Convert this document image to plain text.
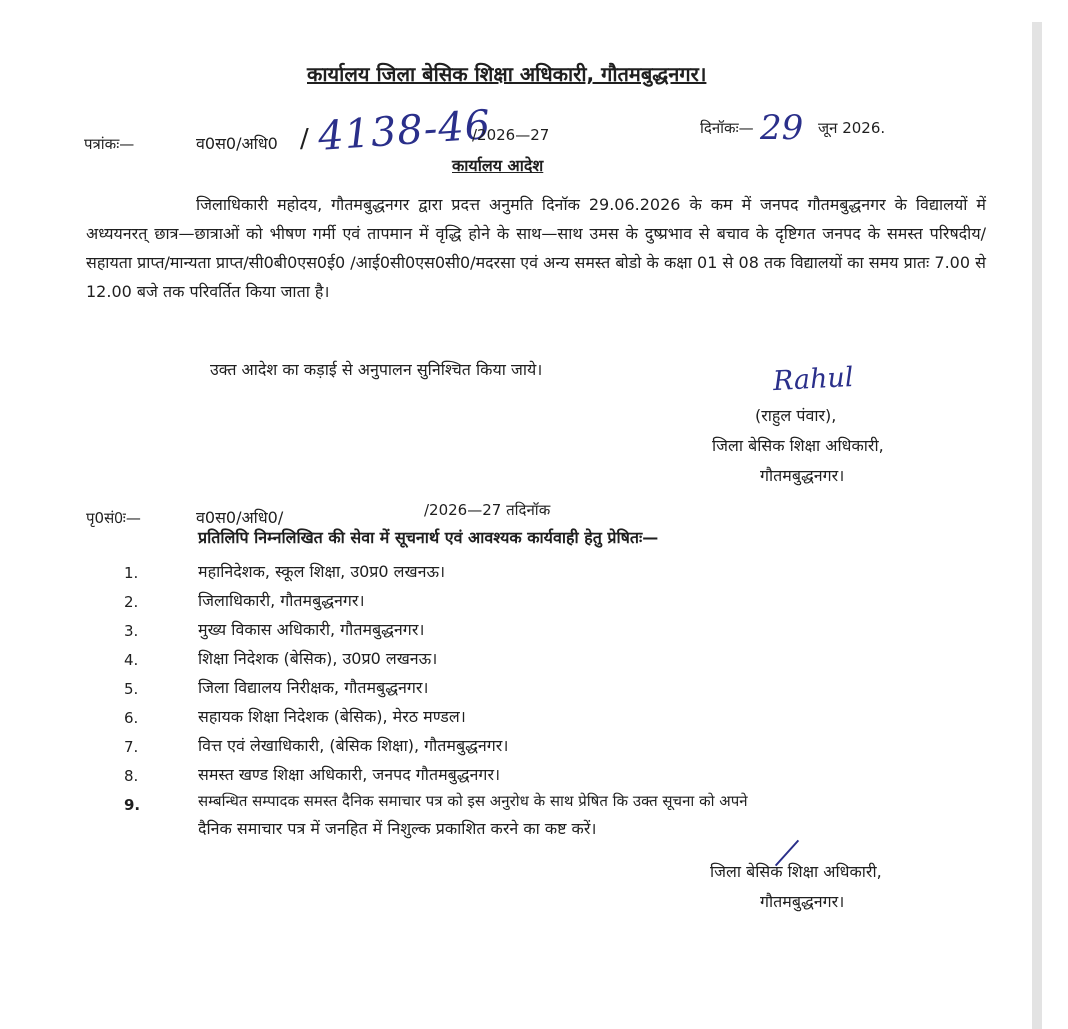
कार्यालय जिला बेसिक शिक्षा अधिकारी, गौतमबुद्धनगर।
पत्रांकः—	व0स0/अधि0 / 4138-46
/2026—27	दिनॉकः— 29 जून 2026.
कार्यालय आदेश

जिलाधिकारी महोदय, गौतमबुद्धनगर द्वारा प्रदत्त अनुमति दिनॉक 29.06.2026 के कम में जनपद गौतमबुद्धनगर के विद्यालयों में अध्ययनरत् छात्र—छात्राओं को भीषण गर्मी एवं तापमान में वृद्धि होने के साथ—साथ उमस के दुष्प्रभाव से बचाव के दृष्टिगत जनपद के समस्त परिषदीय/सहायता प्राप्त/मान्यता प्राप्त/सी0बी0एस0ई0 /आई0सी0एस0सी0/मदरसा एवं अन्य समस्त बोडो के कक्षा 01 से 08 तक विद्यालयों का समय प्रातः 7.00 से 12.00 बजे तक परिवर्तित किया जाता है।

उक्त आदेश का कड़ाई से अनुपालन सुनिश्चित किया जाये।	Rahul
(राहुल पंवार),
जिला बेसिक शिक्षा अधिकारी,
गौतमबुद्धनगर।
पृ0सं0ः—	व0स0/अधि0/	/2026—27 तदिनॉक
प्रतिलिपि निम्नलिखित की सेवा में सूचनार्थ एवं आवश्यक कार्यवाही हेतु प्रेषितः—
1.	महानिदेशक, स्कूल शिक्षा, उ0प्र0 लखनऊ।
2.	जिलाधिकारी, गौतमबुद्धनगर।
3.	मुख्य विकास अधिकारी, गौतमबुद्धनगर।
4.	शिक्षा निदेशक (बेसिक), उ0प्र0 लखनऊ।
5.	जिला विद्यालय निरीक्षक, गौतमबुद्धनगर।
6.	सहायक शिक्षा निदेशक (बेसिक), मेरठ मण्डल।
7.	वित्त एवं लेखाधिकारी, (बेसिक शिक्षा), गौतमबुद्धनगर।
8.	समस्त खण्ड शिक्षा अधिकारी, जनपद गौतमबुद्धनगर।
9.	सम्बन्धित सम्पादक समस्त दैनिक समाचार पत्र को इस अनुरोध के साथ प्रेषित कि उक्त सूचना को अपने
दैनिक समाचार पत्र में जनहित में निशुल्क प्रकाशित करने का कष्ट करें।
जिला बेसिक शिक्षा अधिकारी,
गौतमबुद्धनगर।
